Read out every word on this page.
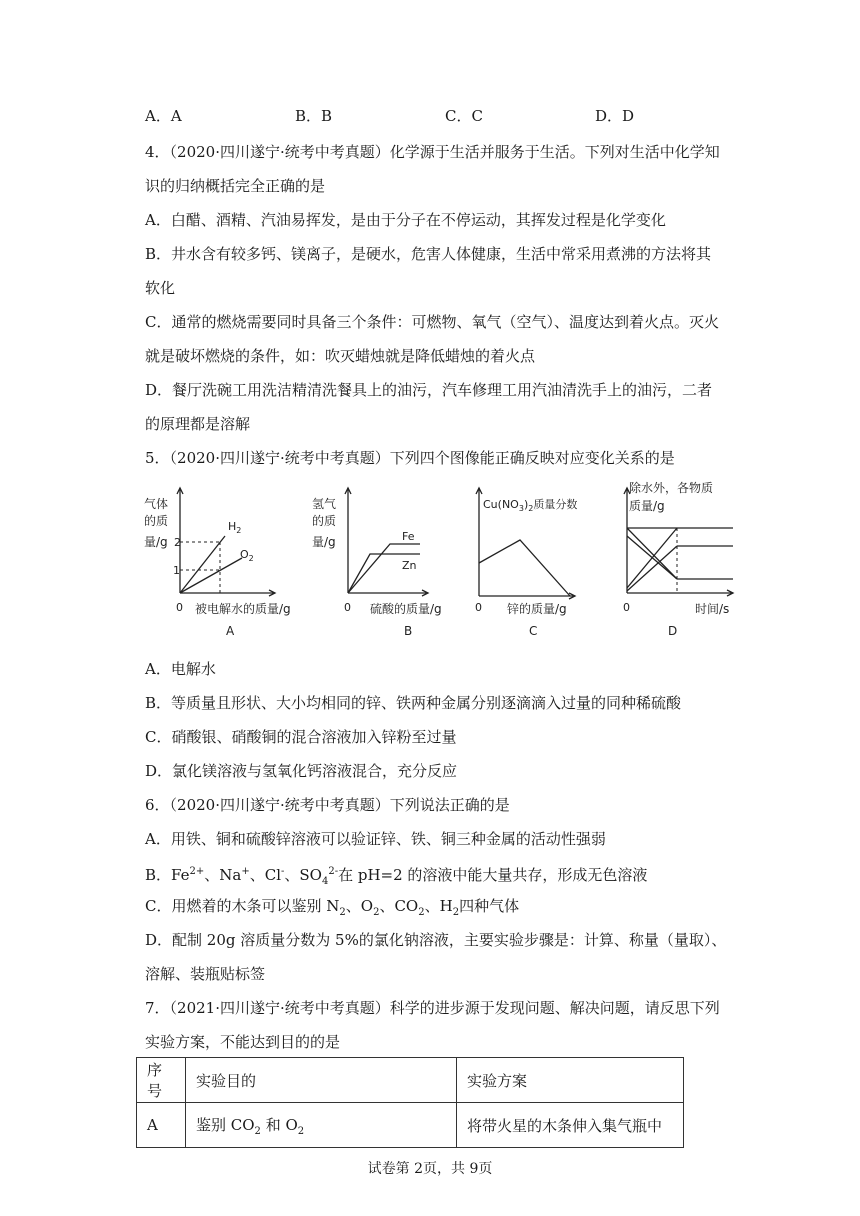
A．A	B．B	C．C	D．D
4．（2020·四川遂宁·统考中考真题）化学源于生活并服务于生活。下列对生活中化学知
识的归纳概括完全正确的是
A．白醋、酒精、汽油易挥发，是由于分子在不停运动，其挥发过程是化学变化
B．井水含有较多钙、镁离子，是硬水，危害人体健康，生活中常采用煮沸的方法将其
软化
C．通常的燃烧需要同时具备三个条件：可燃物、氧气（空气）、温度达到着火点。灭火
就是破坏燃烧的条件，如：吹灭蜡烛就是降低蜡烛的着火点
D．餐厅洗碗工用洗洁精清洗餐具上的油污，汽车修理工用汽油清洗手上的油污，二者
的原理都是溶解
5．（2020·四川遂宁·统考中考真题）下列四个图像能正确反映对应变化关系的是
气体
的质
量/g 2
1
0 被电解水的质量/g
$H_2$
$O_2$
A
氢气
的质
量/g
0 硫酸的质量/g
Fe
Zn
B
$Cu(NO_3)_2$质量分数
0 锌的质量/g
C
除水外，各物质
质量/g
0	时间/s
D
A．电解水
B．等质量且形状、大小均相同的锌、铁两种金属分别逐滴滴入过量的同种稀硫酸
C．硝酸银、硝酸铜的混合溶液加入锌粉至过量
D．氯化镁溶液与氢氧化钙溶液混合，充分反应
6．（2020·四川遂宁·统考中考真题）下列说法正确的是
A．用铁、铜和硫酸锌溶液可以验证锌、铁、铜三种金属的活动性强弱
B．$Fe^{2+}$、Na+、Cl-、$SO_4^{2-}$在 pH=2 的溶液中能大量共存，形成无色溶液
C．用燃着的木条可以鉴别 $N_2$、$O_2$、$CO_2$、$H_2$四种气体
D．配制 20g 溶质量分数为 5%的氯化钠溶液，主要实验步骤是：计算、称量（量取）、
溶解、装瓶贴标签
7．（2021·四川遂宁·统考中考真题）科学的进步源于发现问题、解决问题，请反思下列
实验方案，不能达到目的的是
序号	实验目的	实验方案
A	鉴别 $CO_2$ 和 $O_2$	将带火星的木条伸入集气瓶中
试卷第 2页，共 9页
